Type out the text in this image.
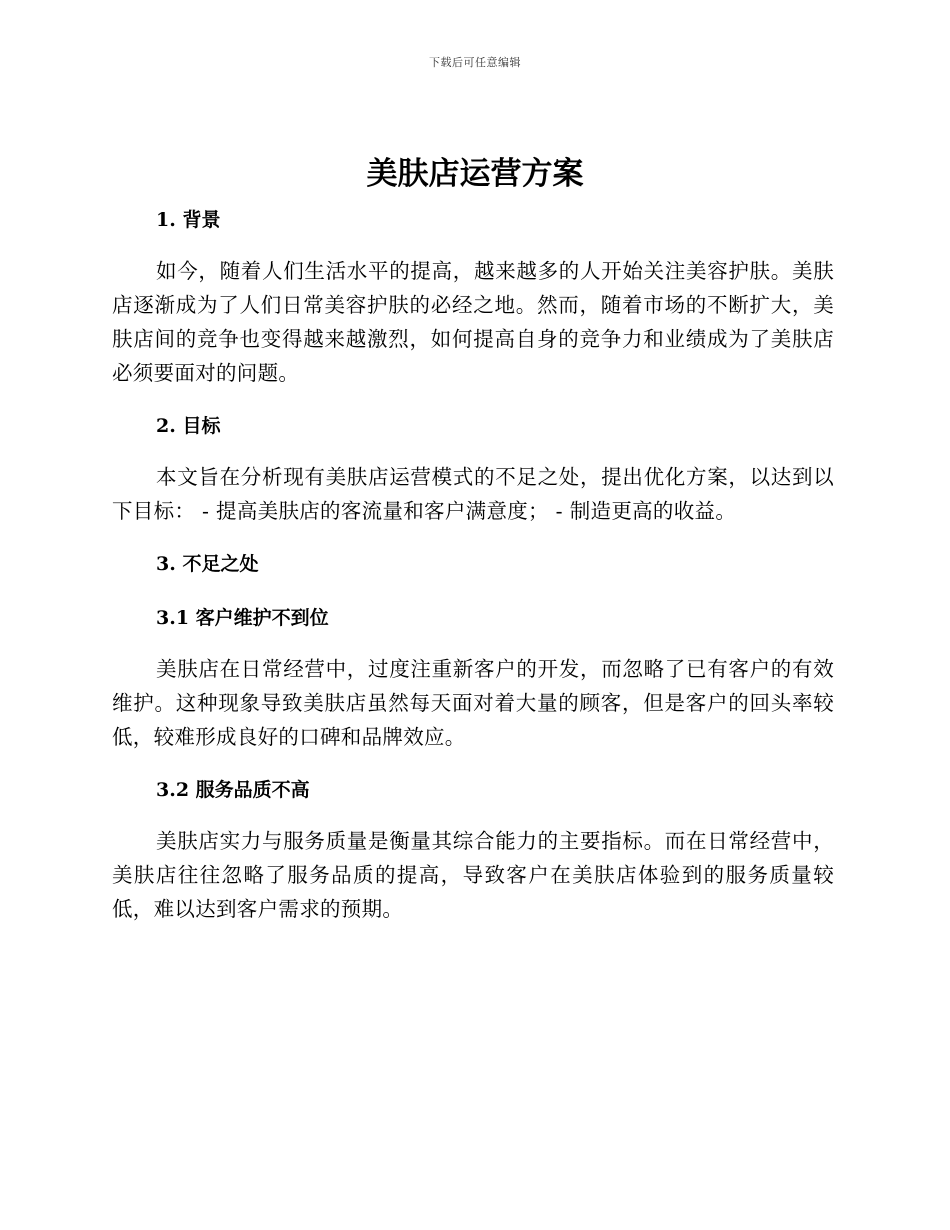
下载后可任意编辑
美肤店运营方案
1. 背景

如今，随着人们生活水平的提高，越来越多的人开始关注美容护肤。美肤店逐渐成为了人们日常美容护肤的必经之地。然而，随着市场的不断扩大，美肤店间的竞争也变得越来越激烈，如何提高自身的竞争力和业绩成为了美肤店必须要面对的问题。

2. 目标

本文旨在分析现有美肤店运营模式的不足之处，提出优化方案，以达到以下目标： - 提高美肤店的客流量和客户满意度； - 制造更高的收益。

3. 不足之处
3.1 客户维护不到位

美肤店在日常经营中，过度注重新客户的开发，而忽略了已有客户的有效维护。这种现象导致美肤店虽然每天面对着大量的顾客，但是客户的回头率较低，较难形成良好的口碑和品牌效应。

3.2 服务品质不高

美肤店实力与服务质量是衡量其综合能力的主要指标。而在日常经营中，美肤店往往忽略了服务品质的提高，导致客户在美肤店体验到的服务质量较低，难以达到客户需求的预期。
